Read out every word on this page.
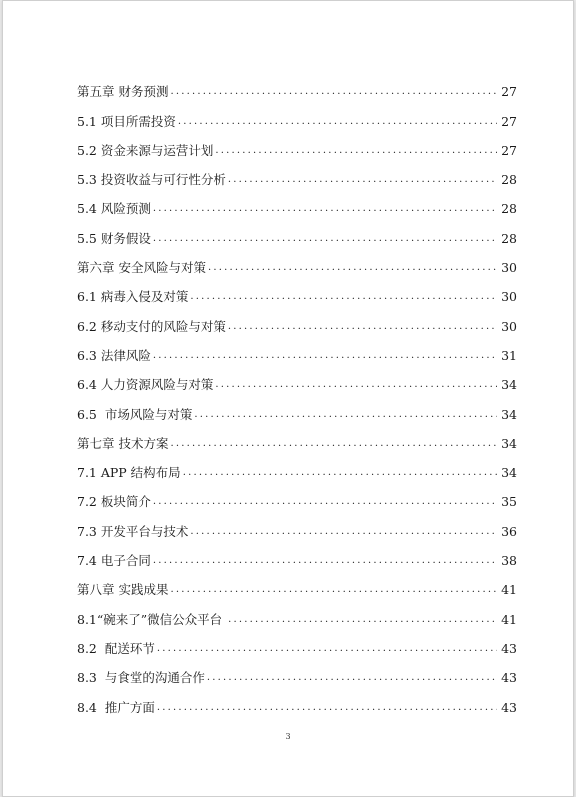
第五章 财务预测 .....	27
5.1 项目所需投资 .....	27
5.2 资金来源与运营计划 .....	27
5.3 投资收益与可行性分析 .....	28
5.4 风险预测 .....	28
5.5 财务假设 .....	28
第六章 安全风险与对策 .....	30
6.1 病毒入侵及对策 .....	30
6.2 移动支付的风险与对策 .....	30
6.3 法律风险 .....	31
6.4 人力资源风险与对策 .....	34
6.5  市场风险与对策 .....	34
第七章 技术方案 .....	34
7.1 APP 结构布局 .....	34
7.2 板块简介 .....	35
7.3 开发平台与技术 .....	36
7.4 电子合同 .....	38
第八章 实践成果 .....	41
8.1“碗来了”微信公众平台 .....	41
8.2  配送环节 .....	43
8.3  与食堂的沟通合作 .....	43
8.4  推广方面 .....	43
3
